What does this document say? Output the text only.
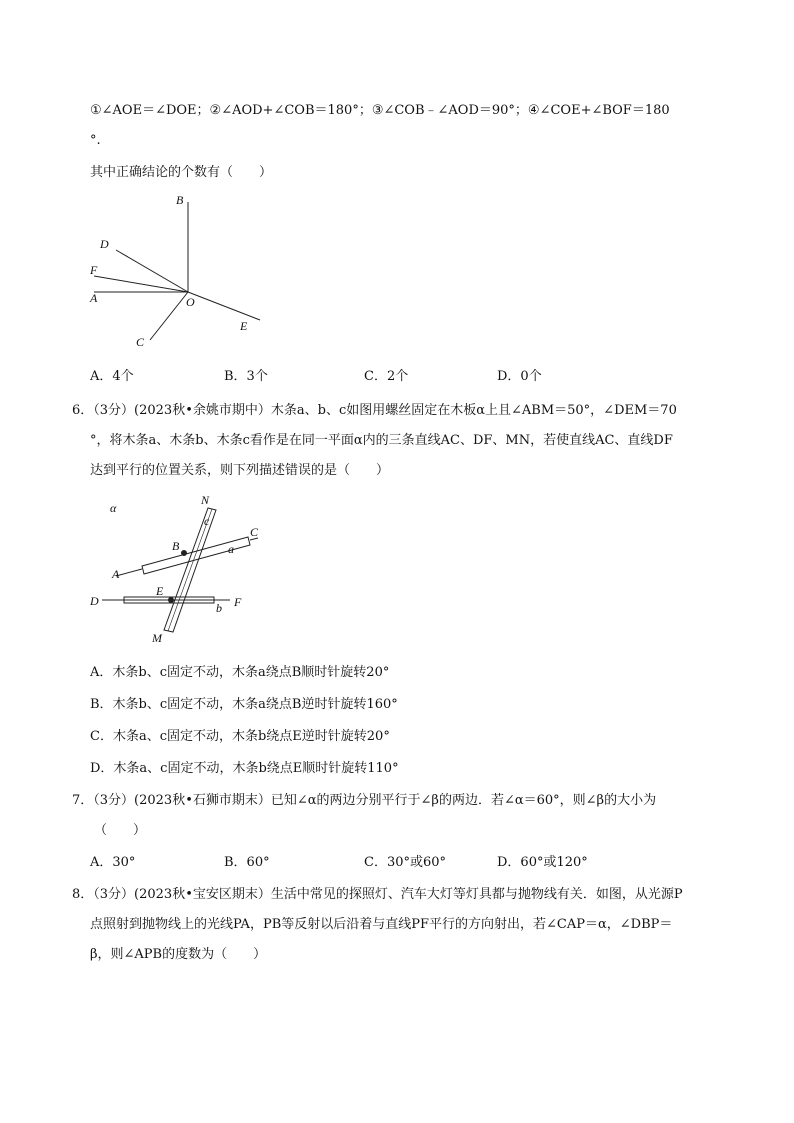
①∠AOE＝∠DOE；②∠AOD+∠COB＝180°；③∠COB﹣∠AOD＝90°；④∠COE+∠BOF＝180
°.
其中正确结论的个数有（　　）
B
D
F
A	O
E
C
A．4个	B．3个	C．2个	D．0个
6．（3分）(2023秋•余姚市期中）木条a、b、c如图用螺丝固定在木板α上且∠ABM＝50°，∠DEM＝70
°，将木条a、木条b、木条c看作是在同一平面α内的三条直线AC、DF、MN，若使直线AC、直线DF
达到平行的位置关系，则下列描述错误的是（　　）
α
N
c
C
B	a
A
E
D	F
b
M
A．木条b、c固定不动，木条a绕点B顺时针旋转20°
B．木条b、c固定不动，木条a绕点B逆时针旋转160°
C．木条a、c固定不动，木条b绕点E逆时针旋转20°
D．木条a、c固定不动，木条b绕点E顺时针旋转110°
7．（3分）(2023秋•石狮市期末）已知∠α的两边分别平行于∠β的两边．若∠α＝60°，则∠β的大小为
（　　）
A．30°	B．60°	C．30°或60°	D．60°或120°
8．（3分）(2023秋•宝安区期末）生活中常见的探照灯、汽车大灯等灯具都与抛物线有关．如图，从光源P
点照射到抛物线上的光线PA，PB等反射以后沿着与直线PF平行的方向射出，若∠CAP＝α，∠DBP＝
β，则∠APB的度数为（　　）
